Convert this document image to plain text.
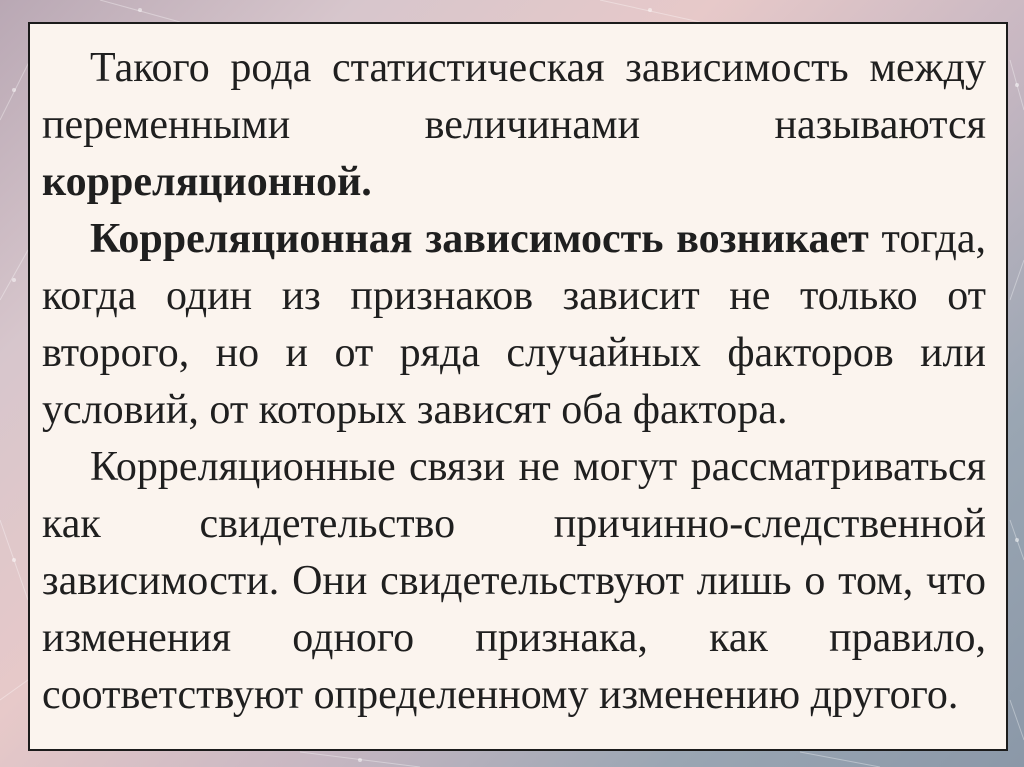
Такого рода статистическая зависимость между переменными величинами называются корреляционной.

Корреляционная зависимость возникает тогда, когда один из признаков зависит не только от второго, но и от ряда случайных факторов или условий, от которых зависят оба фактора.

Корреляционные связи не могут рассматриваться как свидетельство причинно-следственной зависимости. Они свидетельствуют лишь о том, что изменения одного признака, как правило, соответствуют определенному изменению другого.
